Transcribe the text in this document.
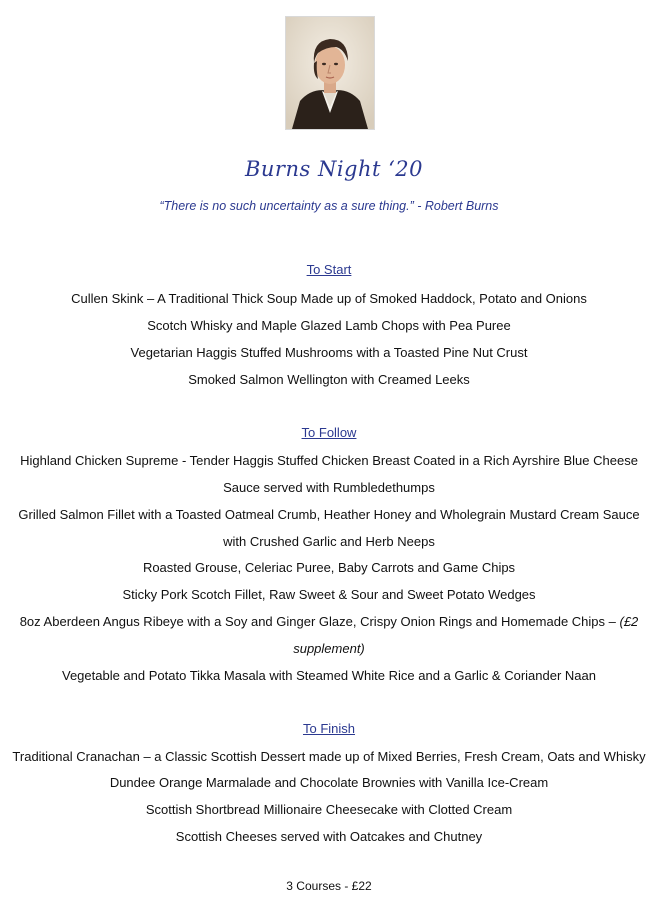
Burns Night ‘20
“There is no such uncertainty as a sure thing.” - Robert Burns
To Start
Cullen Skink – A Traditional Thick Soup Made up of Smoked Haddock, Potato and Onions
Scotch Whisky and Maple Glazed Lamb Chops with Pea Puree
Vegetarian Haggis Stuffed Mushrooms with a Toasted Pine Nut Crust
Smoked Salmon Wellington with Creamed Leeks
To Follow
Highland Chicken Supreme - Tender Haggis Stuffed Chicken Breast Coated in a Rich Ayrshire Blue Cheese
Sauce served with Rumbledethumps
Grilled Salmon Fillet with a Toasted Oatmeal Crumb, Heather Honey and Wholegrain Mustard Cream Sauce
with Crushed Garlic and Herb Neeps
Roasted Grouse, Celeriac Puree, Baby Carrots and Game Chips
Sticky Pork Scotch Fillet, Raw Sweet & Sour and Sweet Potato Wedges
8oz Aberdeen Angus Ribeye with a Soy and Ginger Glaze, Crispy Onion Rings and Homemade Chips – (£2
supplement)
Vegetable and Potato Tikka Masala with Steamed White Rice and a Garlic & Coriander Naan
To Finish
Traditional Cranachan – a Classic Scottish Dessert made up of Mixed Berries, Fresh Cream, Oats and Whisky
Dundee Orange Marmalade and Chocolate Brownies with Vanilla Ice-Cream
Scottish Shortbread Millionaire Cheesecake with Clotted Cream
Scottish Cheeses served with Oatcakes and Chutney
3 Courses - £22
